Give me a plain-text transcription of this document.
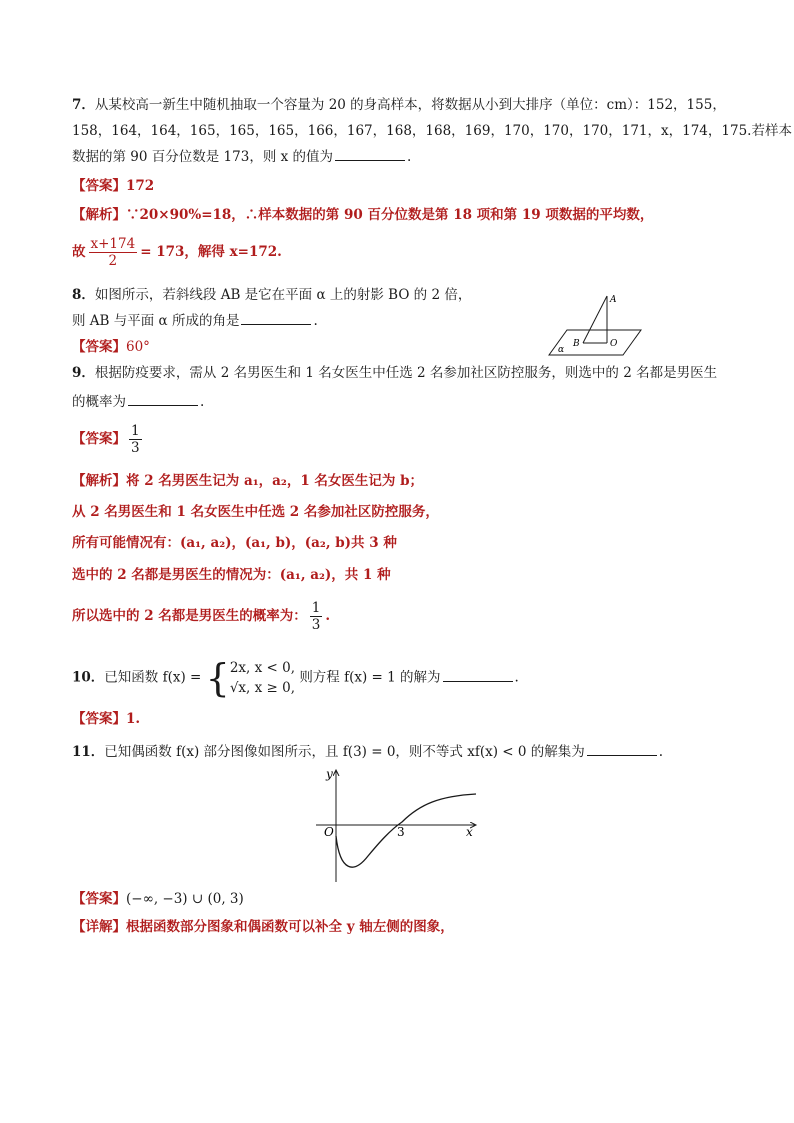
7．从某校高一新生中随机抽取一个容量为 20 的身高样本，将数据从小到大排序（单位：cm）：152，155，
158，164，164，165，165，165，166，167，168，168，169，170，170，170，171，x，174，175.若样本
数据的第 90 百分位数是 173，则 x 的值为	.
【答案】172
【解析】∵20×90%=18，∴样本数据的第 90 百分位数是第 18 项和第 19 项数据的平均数，
故 $\frac{x+174}{2} = 173$，解得 x=172.
8．如图所示，若斜线段 AB 是它在平面 α 上的射影 BO 的 2 倍，
则 AB 与平面 α 所成的角是	.
【答案】60°
A
B	O
α
9．根据防疫要求，需从 2 名男医生和 1 名女医生中任选 2 名参加社区防控服务，则选中的 2 名都是男医生
的概率为	.
【答案】 $\frac{1}{3}$
【解析】将 2 名男医生记为 a₁，a₂，1 名女医生记为 b；
从 2 名男医生和 1 名女医生中任选 2 名参加社区防控服务，
所有可能情况有：(a₁, a₂)，(a₁, b)，(a₂, b)共 3 种
选中的 2 名都是男医生的情况为：(a₁, a₂)，共 1 种
所以选中的 2 名都是男医生的概率为： $\frac{1}{3}$ .
10．已知函数 f(x) = { 2x, x < 0,
√x, x ≥ 0,
则方程 f(x) = 1 的解为	.
【答案】1.
11．已知偶函数 f(x) 部分图像如图所示，且 f(3) = 0，则不等式 xf(x) < 0 的解集为	.
y
x
O	3
【答案】(−∞, −3) ∪ (0, 3)
【详解】根据函数部分图象和偶函数可以补全 y 轴左侧的图象，
